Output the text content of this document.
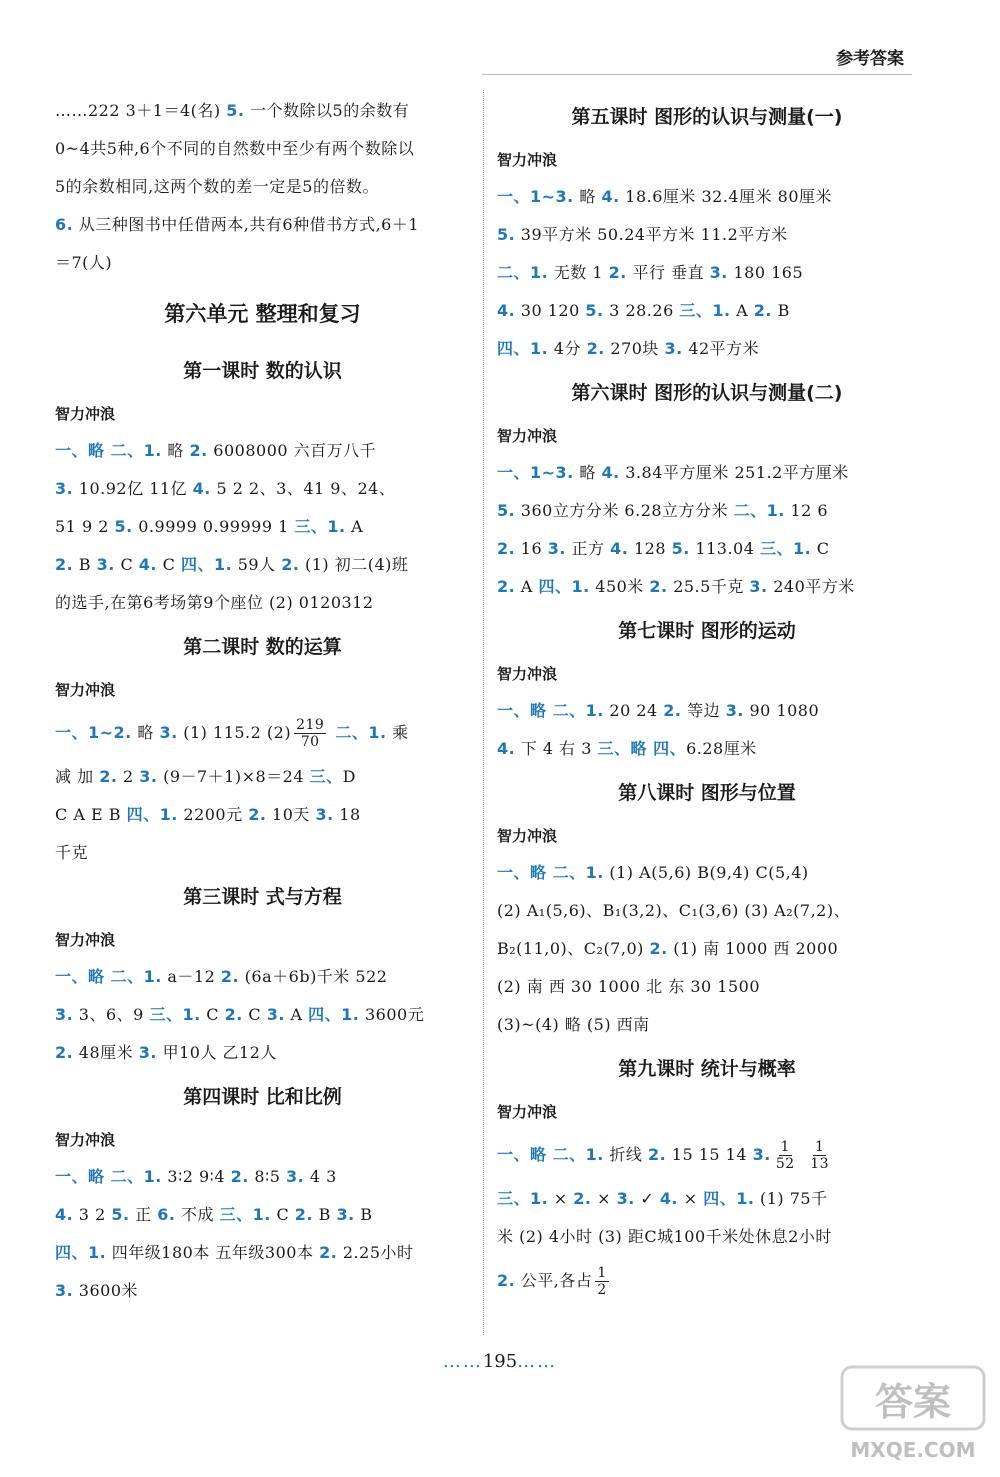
参考答案
……222 3＋1＝4(名) 5. 一个数除以5的余数有
0~4共5种,6个不同的自然数中至少有两个数除以
5的余数相同,这两个数的差一定是5的倍数。
6. 从三种图书中任借两本,共有6种借书方式,6＋1
＝7(人)
第六单元 整理和复习
第一课时 数的认识
智力冲浪
一、略 二、1. 略 2. 6008000 六百万八千
3. 10.92亿 11亿 4. 5 2 2、3、41 9、24、
51 9 2 5. 0.9999 0.99999 1 三、1. A
2. B 3. C 4. C 四、1. 59人 2. (1) 初二(4)班
的选手,在第6考场第9个座位 (2) 0120312
第二课时 数的运算
智力冲浪
一、1~2. 略 3. (1) 115.2 $(2) \frac{219}{70}$ 二、1. 乘
减 加 2. 2 3. (9－7＋1)×8＝24 三、D
C A E B 四、1. 2200元 2. 10天 3. 18
千克
第三课时 式与方程
智力冲浪
一、略 二、1. a－12 2. (6a＋6b)千米 522
3. 3、6、9 三、1. C 2. C 3. A 四、1. 3600元
2. 48厘米 3. 甲10人 乙12人
第四课时 比和比例
智力冲浪
一、略 二、1. 3∶2 9∶4 2. 8∶5 3. 4 3
4. 3 2 5. 正 6. 不成 三、1. C 2. B 3. B
四、1. 四年级180本 五年级300本 2. 2.25小时
3. 3600米
第五课时 图形的认识与测量(一)
智力冲浪
一、1~3. 略 4. 18.6厘米 32.4厘米 80厘米
5. 39平方米 50.24平方米 11.2平方米
二、1. 无数 1 2. 平行 垂直 3. 180 165
4. 30 120 5. 3 28.26 三、1. A 2. B
四、1. 4分 2. 270块 3. 42平方米
第六课时 图形的认识与测量(二)
智力冲浪
一、1~3. 略 4. 3.84平方厘米 251.2平方厘米
5. 360立方分米 6.28立方分米 二、1. 12 6
2. 16 3. 正方 4. 128 5. 113.04 三、1. C
2. A 四、1. 450米 2. 25.5千克 3. 240平方米
第七课时 图形的运动
智力冲浪
一、略 二、1. 20 24 2. 等边 3. 90 1080
4. 下 4 右 3 三、略 四、6.28厘米
第八课时 图形与位置
智力冲浪
一、略 二、1. (1) A(5,6) B(9,4) C(5,4)
(2) A₁(5,6)、B₁(3,2)、C₁(3,6) (3) A₂(7,2)、
B₂(11,0)、C₂(7,0) 2. (1) 南 1000 西 2000
(2) 南 西 30 1000 北 东 30 1500
(3)~(4) 略 (5) 西南
第九课时 统计与概率
智力冲浪
一、略 二、1. 折线 2. 15 15 14 3. $\frac{1}{52}$
$\frac{1}{13}$
三、1. × 2. × 3. ✓ 4. × 四、1. (1) 75千
米 (2) 4小时 (3) 距C城100千米处休息2小时
2. 公平,各占 $\frac{1}{2}$
……195……
答案
MXQE.COM
